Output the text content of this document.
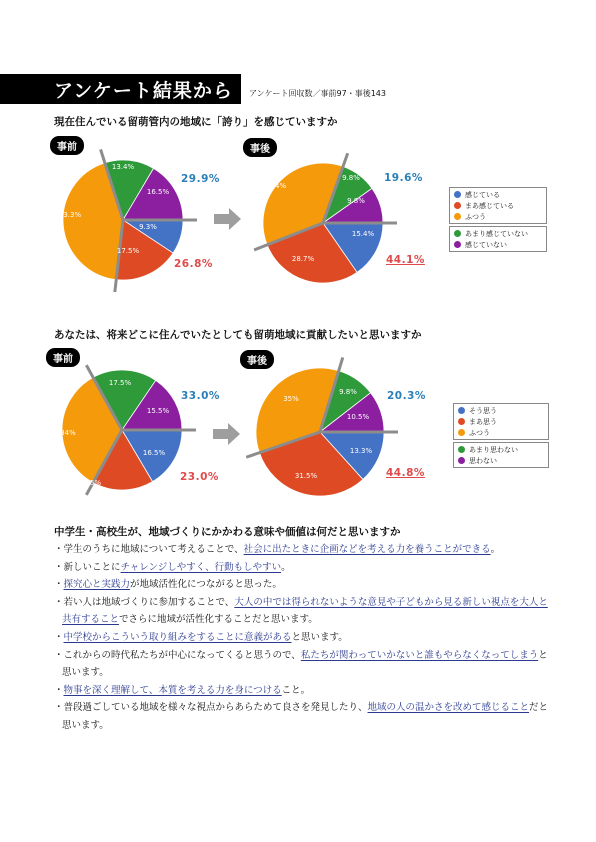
アンケート結果から アンケート回収数／事前97・事後143
現在住んでいる留萌管内の地域に「誇り」を感じていますか
事前	事後
9.3%
17.5%
43.3%
13.4%
16.5%
29.9%
26.8%
15.4%
28.7%
36.4%
9.8%
9.8%
19.6%
44.1%
感じている
まあ感じている
ふつう
あまり感じていない
感じていない
あなたは、将来どこに住んでいたとしても留萌地域に貢献したいと思いますか
事前	事後
16.5%
16.5%
34%
17.5%
15.5%
33.0%
23.0%
13.3%
31.5%
35%
9.8%
10.5%
20.3%
44.8%
そう思う
まあ思う
ふつう
あまり思わない
思わない
中学生・高校生が、地域づくりにかかわる意味や価値は何だと思いますか
・学生のうちに地域について考えることで、社会に出たときに企画などを考える力を養うことができる。
・新しいことにチャレンジしやすく、行動もしやすい。
・探究心と実践力が地域活性化につながると思った。
・若い人は地域づくりに参加することで、大人の中では得られないような意見や子どもから見る新しい視点を大人と共有することでさらに地域が活性化することだと思います。
・中学校からこういう取り組みをすることに意義があると思います。
・これからの時代私たちが中心になってくると思うので、私たちが関わっていかないと誰もやらなくなってしまうと思います。
・物事を深く理解して、本質を考える力を身につけること。
・普段過ごしている地域を様々な視点からあらためて良さを発見したり、地域の人の温かさを改めて感じることだと思います。
